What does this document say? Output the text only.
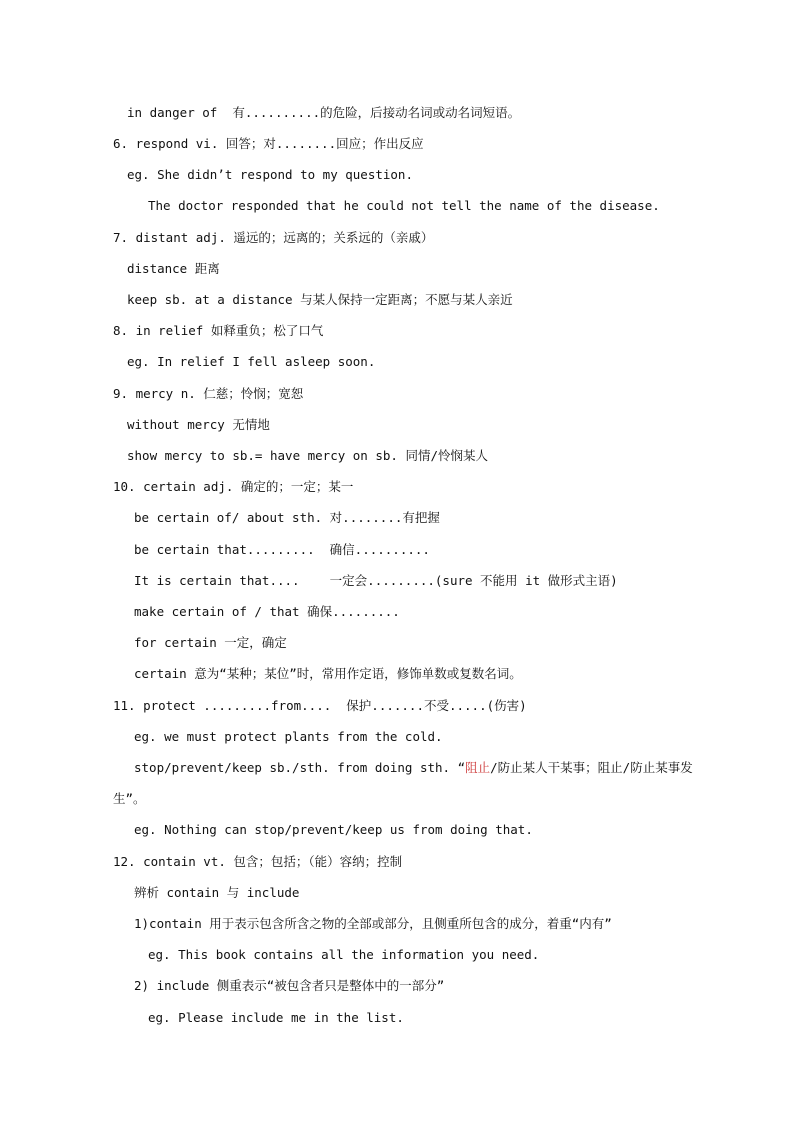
in danger of  有..........的危险，后接动名词或动名词短语。
6. respond vi. 回答；对........回应；作出反应
eg. She didn’t respond to my question.
The doctor responded that he could not tell the name of the disease.
7. distant adj. 遥远的；远离的；关系远的（亲戚）
distance 距离
keep sb. at a distance 与某人保持一定距离；不愿与某人亲近
8. in relief 如释重负；松了口气
eg. In relief I fell asleep soon.
9. mercy n. 仁慈；怜悯；宽恕
without mercy 无情地
show mercy to sb.= have mercy on sb. 同情/怜悯某人
10. certain adj. 确定的；一定；某一
be certain of/ about sth. 对........有把握
be certain that.........  确信..........
It is certain that....    一定会.........(sure 不能用 it 做形式主语)
make certain of / that 确保.........
for certain 一定，确定
certain 意为“某种；某位”时，常用作定语，修饰单数或复数名词。
11. protect .........from....  保护.......不受.....(伤害)
eg. we must protect plants from the cold.
stop/prevent/keep sb./sth. from doing sth. “阻止/防止某人干某事；阻止/防止某事发
生”。
eg. Nothing can stop/prevent/keep us from doing that.
12. contain vt. 包含；包括；（能）容纳；控制
辨析 contain 与 include
1)contain 用于表示包含所含之物的全部或部分，且侧重所包含的成分，着重“内有”
eg. This book contains all the information you need.
2) include 侧重表示“被包含者只是整体中的一部分”
eg. Please include me in the list.
